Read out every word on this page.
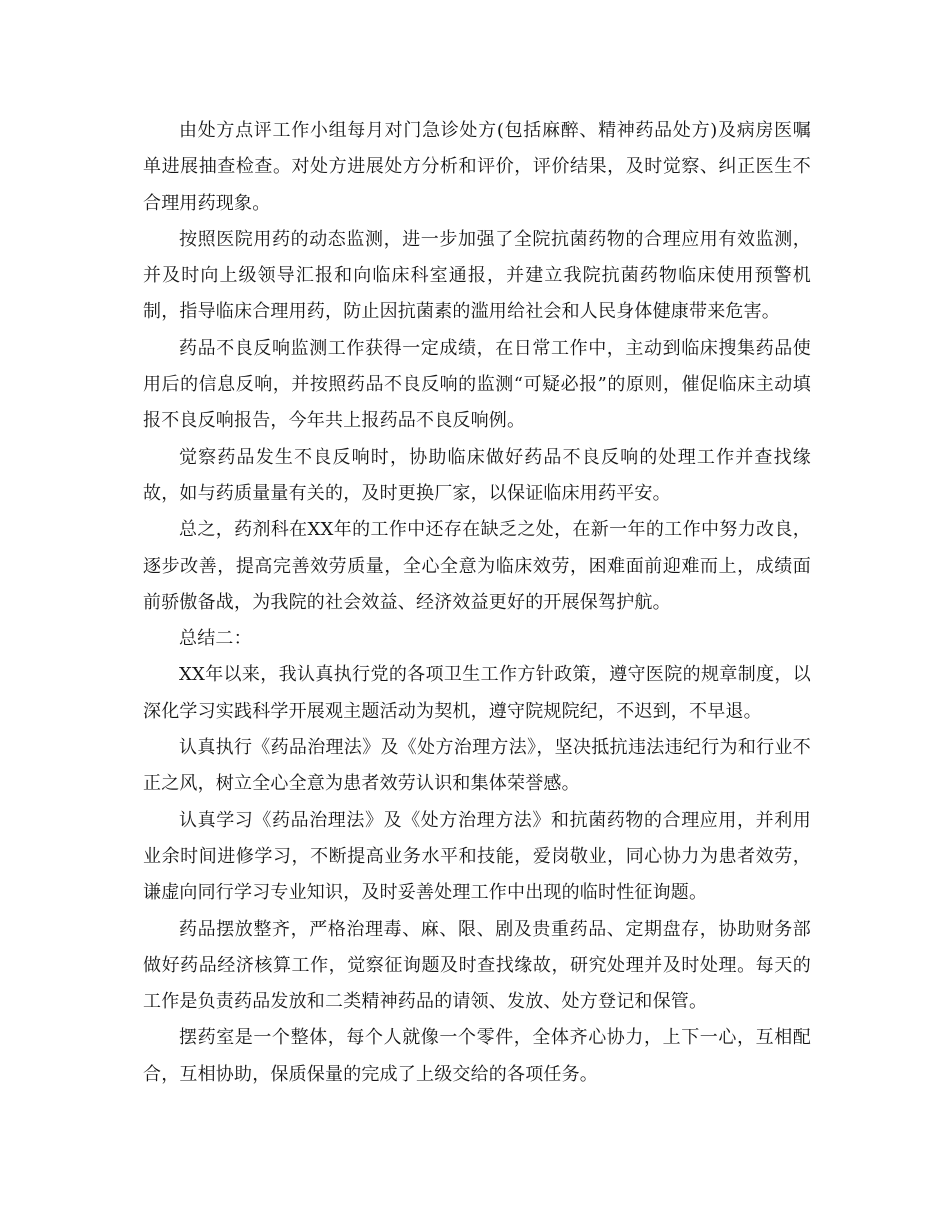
由处方点评工作小组每月对门急诊处方(包括麻醉、精神药品处方)及病房医嘱单进展抽查检查。对处方进展处方分析和评价，评价结果，及时觉察、纠正医生不合理用药现象。

按照医院用药的动态监测，进一步加强了全院抗菌药物的合理应用有效监测，并及时向上级领导汇报和向临床科室通报，并建立我院抗菌药物临床使用预警机制，指导临床合理用药，防止因抗菌素的滥用给社会和人民身体健康带来危害。

药品不良反响监测工作获得一定成绩，在日常工作中，主动到临床搜集药品使用后的信息反响，并按照药品不良反响的监测“可疑必报”的原则，催促临床主动填报不良反响报告，今年共上报药品不良反响例。

觉察药品发生不良反响时，协助临床做好药品不良反响的处理工作并查找缘故，如与药质量量有关的，及时更换厂家，以保证临床用药平安。

总之，药剂科在XX年的工作中还存在缺乏之处，在新一年的工作中努力改良，逐步改善，提高完善效劳质量，全心全意为临床效劳，困难面前迎难而上，成绩面前骄傲备战，为我院的社会效益、经济效益更好的开展保驾护航。

总结二：

XX年以来，我认真执行党的各项卫生工作方针政策，遵守医院的规章制度，以深化学习实践科学开展观主题活动为契机，遵守院规院纪，不迟到，不早退。

认真执行《药品治理法》及《处方治理方法》，坚决抵抗违法违纪行为和行业不正之风，树立全心全意为患者效劳认识和集体荣誉感。

认真学习《药品治理法》及《处方治理方法》和抗菌药物的合理应用，并利用业余时间进修学习，不断提高业务水平和技能，爱岗敬业，同心协力为患者效劳，谦虚向同行学习专业知识，及时妥善处理工作中出现的临时性征询题。

药品摆放整齐，严格治理毒、麻、限、剧及贵重药品、定期盘存，协助财务部做好药品经济核算工作，觉察征询题及时查找缘故，研究处理并及时处理。每天的工作是负责药品发放和二类精神药品的请领、发放、处方登记和保管。

摆药室是一个整体，每个人就像一个零件，全体齐心协力，上下一心，互相配合，互相协助，保质保量的完成了上级交给的各项任务。
